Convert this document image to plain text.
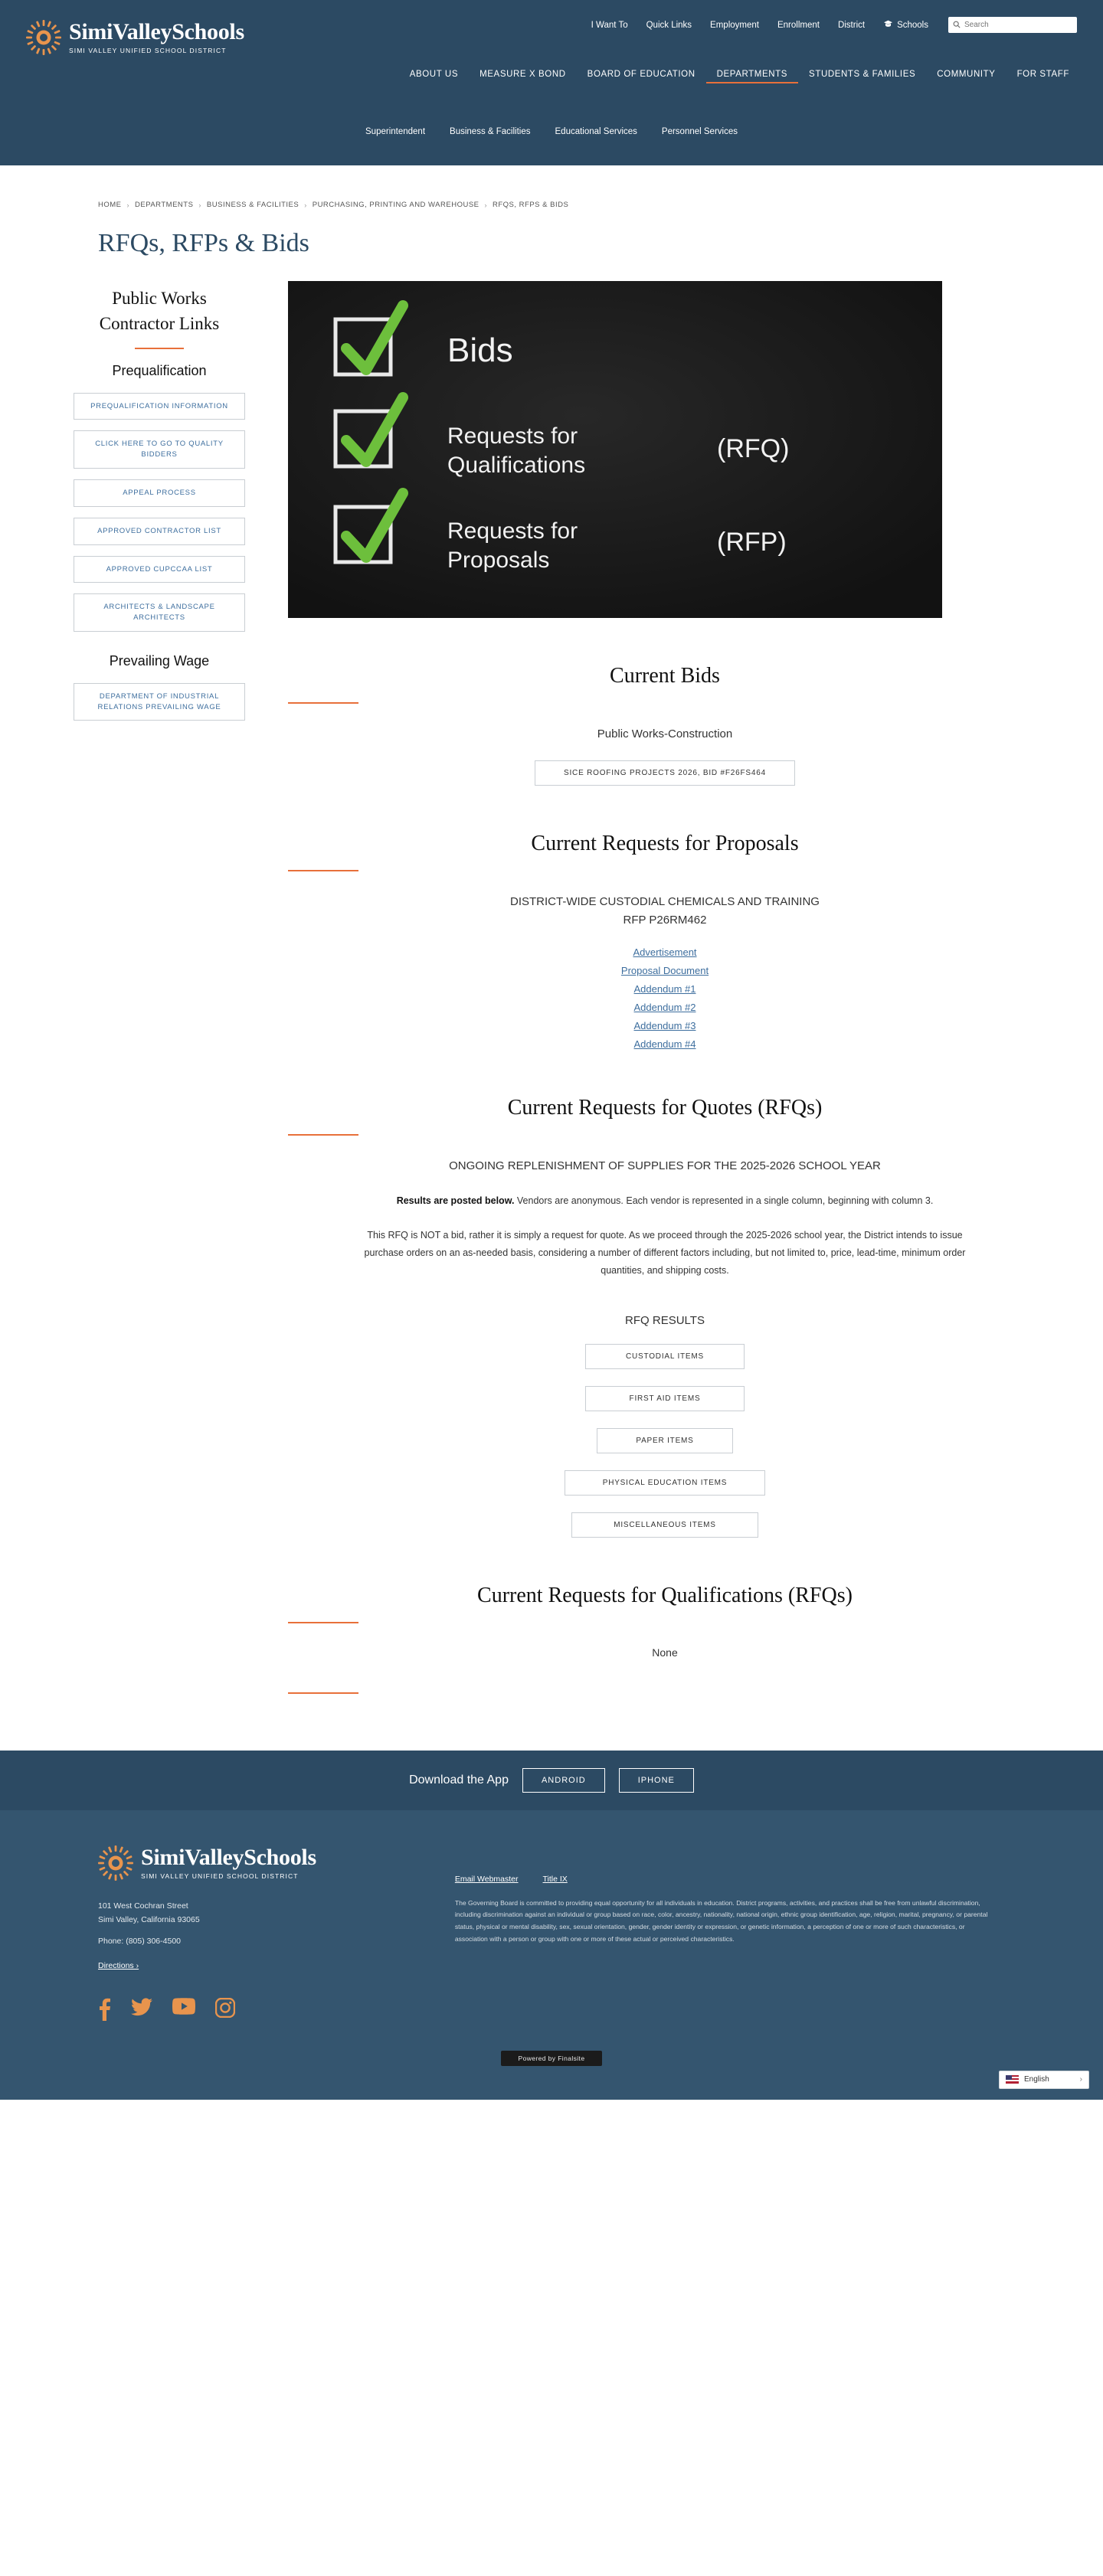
SimiValleySchools
SIMI VALLEY UNIFIED SCHOOL DISTRICT
I Want To	Quick Links	Employment	Enrollment	District	Schools
Search
ABOUT US	MEASURE X BOND	BOARD OF EDUCATION	DEPARTMENTS	STUDENTS & FAMILIES	COMMUNITY	FOR STAFF
Superintendent	Business & Facilities	Educational Services	Personnel Services
HOME › DEPARTMENTS › BUSINESS & FACILITIES › PURCHASING, PRINTING AND WAREHOUSE › RFQS, RFPS & BIDS
RFQs, RFPs & Bids
Public Works
Contractor Links
Prequalification
PREQUALIFICATION INFORMATION
CLICK HERE TO GO TO QUALITY BIDDERS
APPEAL PROCESS
APPROVED CONTRACTOR LIST
APPROVED CUPCCAA LIST
ARCHITECTS & LANDSCAPE ARCHITECTS
Prevailing Wage
DEPARTMENT OF INDUSTRIAL RELATIONS PREVAILING WAGE
Bids
Requests for
Qualifications
(RFQ)
Requests for
Proposals
(RFP)
Current Bids
Public Works-Construction
SICE ROOFING PROJECTS 2026, BID #F26FS464
Current Requests for Proposals
DISTRICT-WIDE CUSTODIAL CHEMICALS AND TRAINING
RFP P26RM462
Advertisement
Proposal Document
Addendum #1
Addendum #2
Addendum #3
Addendum #4
Current Requests for Quotes (RFQs)
ONGOING REPLENISHMENT OF SUPPLIES FOR THE 2025-2026 SCHOOL YEAR

Results are posted below. Vendors are anonymous. Each vendor is represented in a single column, beginning with column 3.

This RFQ is NOT a bid, rather it is simply a request for quote. As we proceed through the 2025-2026 school year, the District intends to issue purchase orders on an as-needed basis, considering a number of different factors including, but not limited to, price, lead-time, minimum order quantities, and shipping costs.

RFQ RESULTS
CUSTODIAL ITEMS
FIRST AID ITEMS
PAPER ITEMS
PHYSICAL EDUCATION ITEMS
MISCELLANEOUS ITEMS
Current Requests for Qualifications (RFQs)
None
Download the App	ANDROID	IPHONE
SimiValleySchools
SIMI VALLEY UNIFIED SCHOOL DISTRICT
101 West Cochran Street
Simi Valley, California 93065
Phone: (805) 306-4500
Directions ›
Email Webmaster	Title IX

The Governing Board is committed to providing equal opportunity for all individuals in education. District programs, activities, and practices shall be free from unlawful discrimination, including discrimination against an individual or group based on race, color, ancestry, nationality, national origin, ethnic group identification, age, religion, marital, pregnancy, or parental status, physical or mental disability, sex, sexual orientation, gender, gender identity or expression, or genetic information, a perception of one or more of such characteristics, or association with a person or group with one or more of these actual or perceived characteristics.

Powered by Finalsite
English	›
